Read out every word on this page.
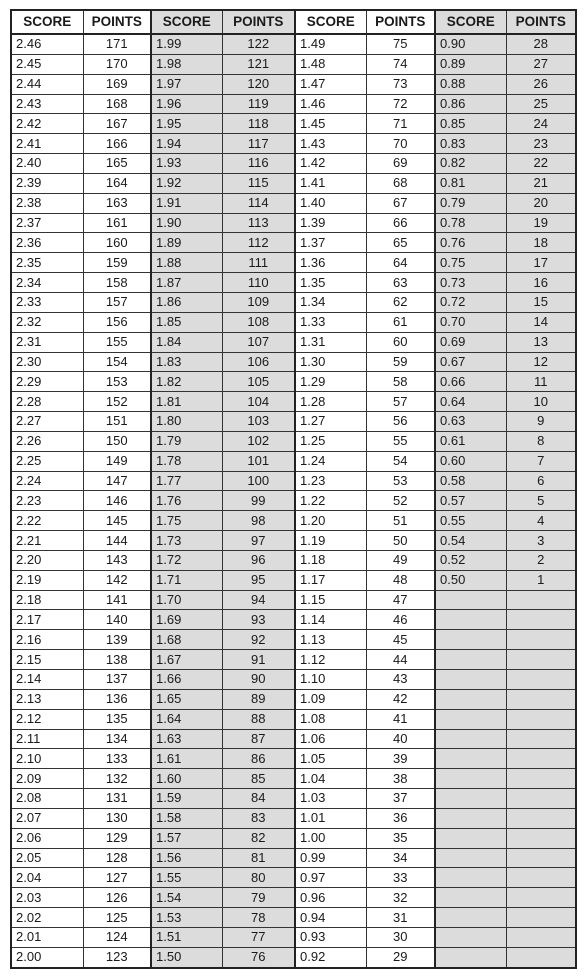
SCORE	POINTS	SCORE	POINTS	SCORE	POINTS	SCORE	POINTS
2.46	171	1.99	122	1.49	75	0.90	28
2.45	170	1.98	121	1.48	74	0.89	27
2.44	169	1.97	120	1.47	73	0.88	26
2.43	168	1.96	119	1.46	72	0.86	25
2.42	167	1.95	118	1.45	71	0.85	24
2.41	166	1.94	117	1.43	70	0.83	23
2.40	165	1.93	116	1.42	69	0.82	22
2.39	164	1.92	115	1.41	68	0.81	21
2.38	163	1.91	114	1.40	67	0.79	20
2.37	161	1.90	113	1.39	66	0.78	19
2.36	160	1.89	112	1.37	65	0.76	18
2.35	159	1.88	111	1.36	64	0.75	17
2.34	158	1.87	110	1.35	63	0.73	16
2.33	157	1.86	109	1.34	62	0.72	15
2.32	156	1.85	108	1.33	61	0.70	14
2.31	155	1.84	107	1.31	60	0.69	13
2.30	154	1.83	106	1.30	59	0.67	12
2.29	153	1.82	105	1.29	58	0.66	11
2.28	152	1.81	104	1.28	57	0.64	10
2.27	151	1.80	103	1.27	56	0.63	9
2.26	150	1.79	102	1.25	55	0.61	8
2.25	149	1.78	101	1.24	54	0.60	7
2.24	147	1.77	100	1.23	53	0.58	6
2.23	146	1.76	99	1.22	52	0.57	5
2.22	145	1.75	98	1.20	51	0.55	4
2.21	144	1.73	97	1.19	50	0.54	3
2.20	143	1.72	96	1.18	49	0.52	2
2.19	142	1.71	95	1.17	48	0.50	1
2.18	141	1.70	94	1.15	47		
2.17	140	1.69	93	1.14	46		
2.16	139	1.68	92	1.13	45		
2.15	138	1.67	91	1.12	44		
2.14	137	1.66	90	1.10	43		
2.13	136	1.65	89	1.09	42		
2.12	135	1.64	88	1.08	41		
2.11	134	1.63	87	1.06	40		
2.10	133	1.61	86	1.05	39		
2.09	132	1.60	85	1.04	38		
2.08	131	1.59	84	1.03	37		
2.07	130	1.58	83	1.01	36		
2.06	129	1.57	82	1.00	35		
2.05	128	1.56	81	0.99	34		
2.04	127	1.55	80	0.97	33		
2.03	126	1.54	79	0.96	32		
2.02	125	1.53	78	0.94	31		
2.01	124	1.51	77	0.93	30		
2.00	123	1.50	76	0.92	29		
